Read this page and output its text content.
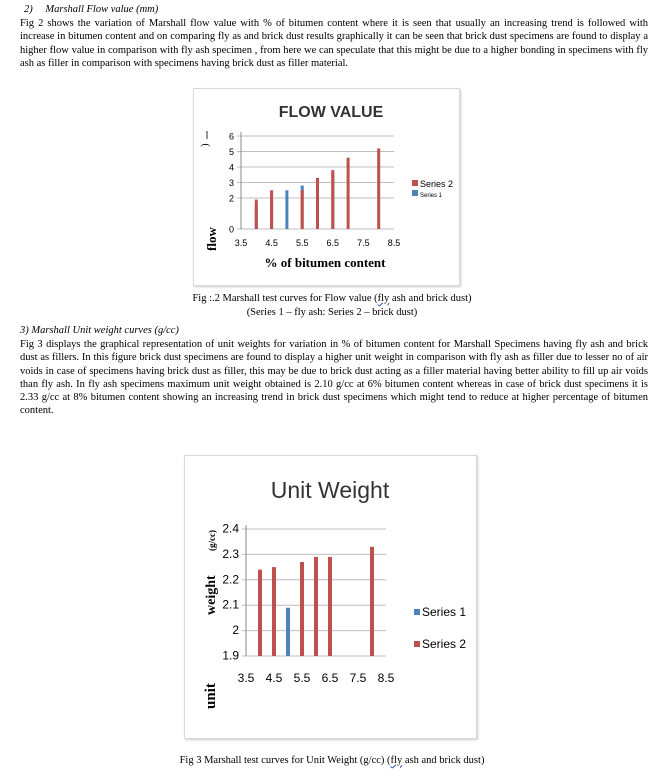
2) Marshall Flow value (mm)

Fig 2 shows the variation of Marshall flow value with % of bitumen content where it is seen that usually an increasing trend is followed with increase in bitumen content and on comparing fly as and brick dust results graphically it can be seen that brick dust specimens are found to display a higher flow value in comparison with fly ash specimen , from here we can speculate that this might be due to a higher bonding in specimens with fly ash as filler in comparison with specimens having brick dust as filler material.

FLOW VALUE
0
2
3
4
5
6
3.5 4.5 5.5 6.5 7.5 8.5
% of bitumen content
Series 2
Series 1
flow
)
Fig :.2 Marshall test curves for Flow value (fly ash and brick dust)
(Series 1 – fly ash: Series 2 – brick dust)
3) Marshall Unit weight curves (g/cc)

Fig 3 displays the graphical representation of unit weights for variation in % of bitumen content for Marshall Specimens having fly ash and brick dust as fillers. In this figure brick dust specimens are found to display a higher unit weight in comparison with fly ash as filler due to lesser no of air voids in case of specimens having brick dust as filler, this may be due to brick dust acting as a filler material having better ability to fill up air voids than fly ash. In fly ash specimens maximum unit weight obtained is 2.10 g/cc at 6% bitumen content whereas in case of brick dust specimens it is 2.33 g/cc at 8% bitumen content showing an increasing trend in brick dust specimens which might tend to reduce at higher percentage of bitumen content.

Unit Weight
1.9
2
2.1
2.2
2.3
2.4
3.5 4.5 5.5 6.5 7.5 8.5
Series 1
Series 2
unit
weight
(g/cc)
Fig 3 Marshall test curves for Unit Weight (g/cc) (fly ash and brick dust)
